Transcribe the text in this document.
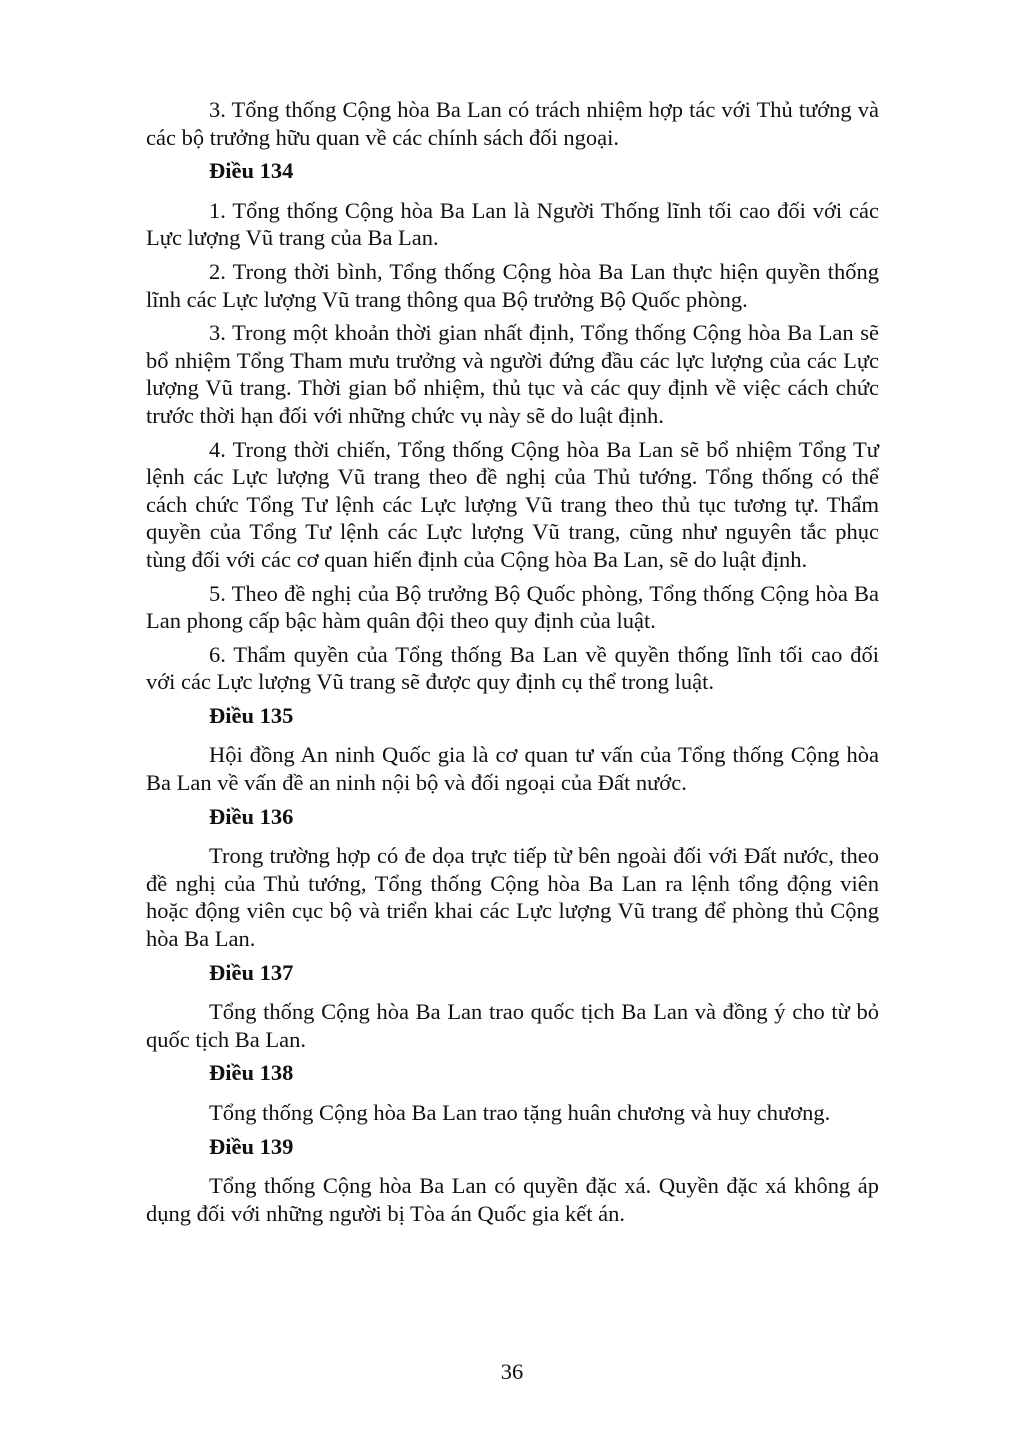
3. Tổng thống Cộng hòa Ba Lan có trách nhiệm hợp tác với Thủ tướng và các bộ trưởng hữu quan về các chính sách đối ngoại.

Điều 134

1. Tổng thống Cộng hòa Ba Lan là Người Thống lĩnh tối cao đối với các Lực lượng Vũ trang của Ba Lan.

2. Trong thời bình, Tổng thống Cộng hòa Ba Lan thực hiện quyền thống lĩnh các Lực lượng Vũ trang thông qua Bộ trưởng Bộ Quốc phòng.

3. Trong một khoản thời gian nhất định, Tổng thống Cộng hòa Ba Lan sẽ bổ nhiệm Tổng Tham mưu trưởng và người đứng đầu các lực lượng của các Lực lượng Vũ trang. Thời gian bổ nhiệm, thủ tục và các quy định về việc cách chức trước thời hạn đối với những chức vụ này sẽ do luật định.

4. Trong thời chiến, Tổng thống Cộng hòa Ba Lan sẽ bổ nhiệm Tổng Tư lệnh các Lực lượng Vũ trang theo đề nghị của Thủ tướng. Tổng thống có thể cách chức Tổng Tư lệnh các Lực lượng Vũ trang theo thủ tục tương tự. Thẩm quyền của Tổng Tư lệnh các Lực lượng Vũ trang, cũng như nguyên tắc phục tùng đối với các cơ quan hiến định của Cộng hòa Ba Lan, sẽ do luật định.

5. Theo đề nghị của Bộ trưởng Bộ Quốc phòng, Tổng thống Cộng hòa Ba Lan phong cấp bậc hàm quân đội theo quy định của luật.

6. Thẩm quyền của Tổng thống Ba Lan về quyền thống lĩnh tối cao đối với các Lực lượng Vũ trang sẽ được quy định cụ thể trong luật.

Điều 135

Hội đồng An ninh Quốc gia là cơ quan tư vấn của Tổng thống Cộng hòa Ba Lan về vấn đề an ninh nội bộ và đối ngoại của Đất nước.

Điều 136

Trong trường hợp có đe dọa trực tiếp từ bên ngoài đối với Đất nước, theo đề nghị của Thủ tướng, Tổng thống Cộng hòa Ba Lan ra lệnh tổng động viên hoặc động viên cục bộ và triển khai các Lực lượng Vũ trang để phòng thủ Cộng hòa Ba Lan.

Điều 137

Tổng thống Cộng hòa Ba Lan trao quốc tịch Ba Lan và đồng ý cho từ bỏ quốc tịch Ba Lan.

Điều 138

Tổng thống Cộng hòa Ba Lan trao tặng huân chương và huy chương.

Điều 139

Tổng thống Cộng hòa Ba Lan có quyền đặc xá. Quyền đặc xá không áp dụng đối với những người bị Tòa án Quốc gia kết án.

36
